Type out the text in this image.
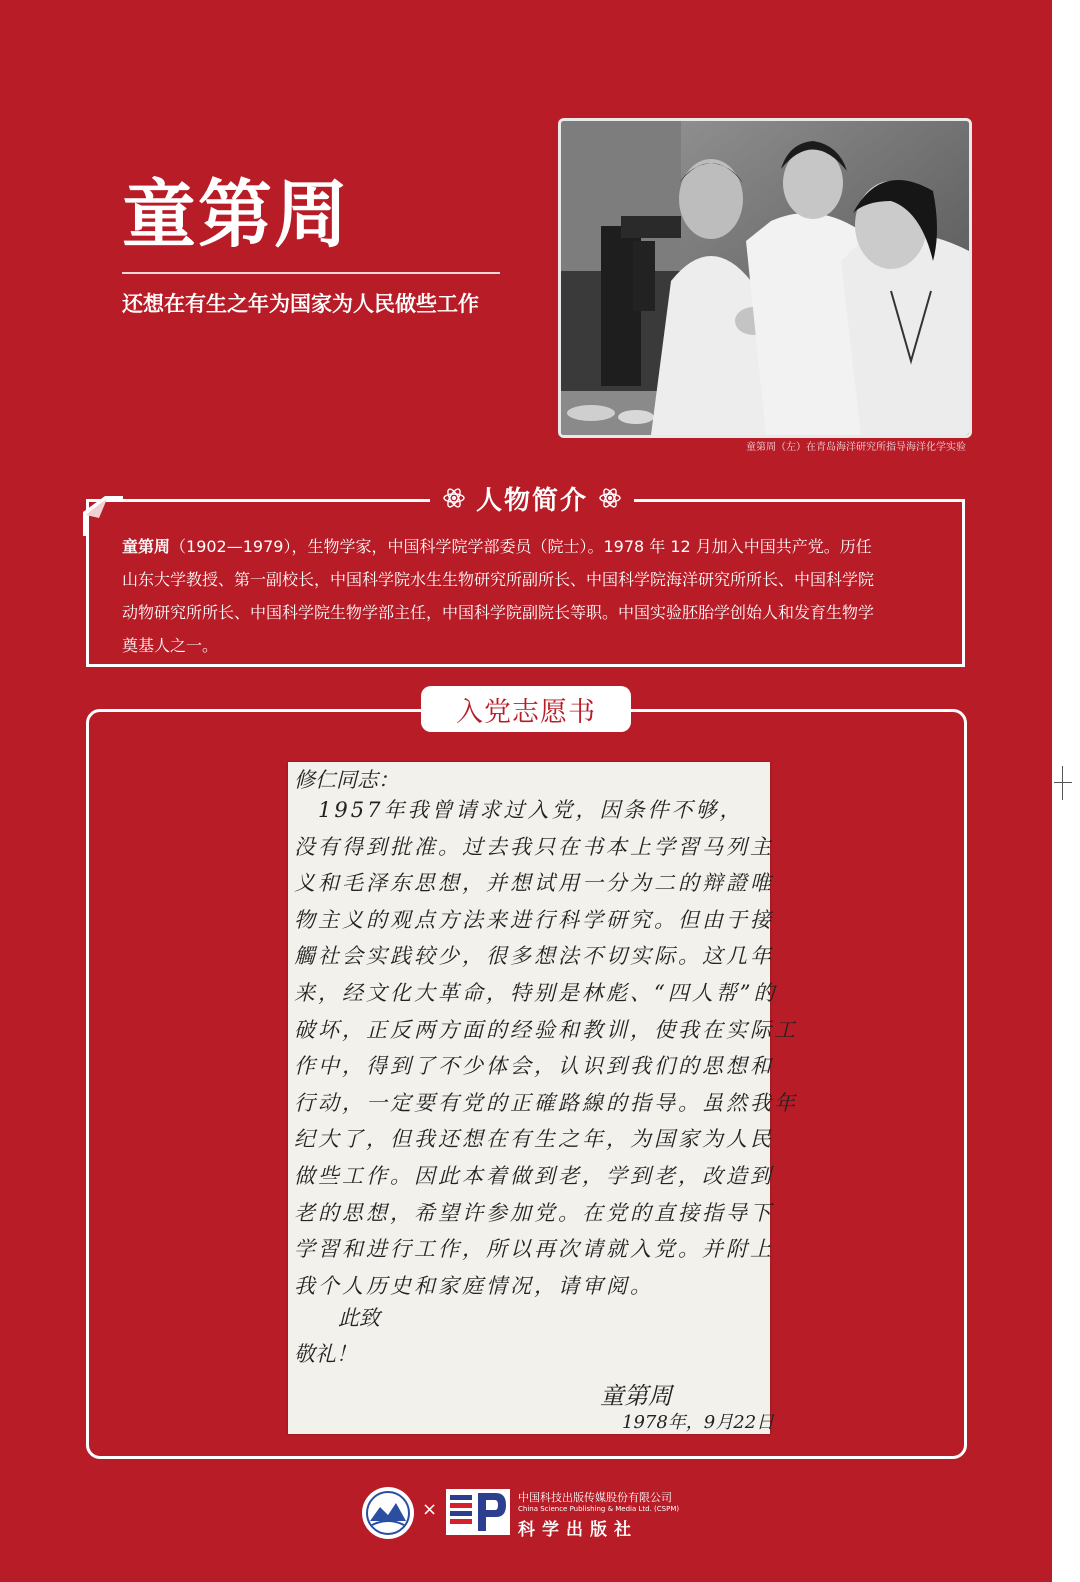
童第周
还想在有生之年为国家为人民做些工作
童第周（左）在青岛海洋研究所指导海洋化学实验
人物简介
童第周（1902—1979），生物学家，中国科学院学部委员（院士）。1978 年 12 月加入中国共产党。历任
山东大学教授、第一副校长，中国科学院水生生物研究所副所长、中国科学院海洋研究所所长、中国科学院
动物研究所所长、中国科学院生物学部主任，中国科学院副院长等职。中国实验胚胎学创始人和发育生物学
奠基人之一。
入党志愿书
修仁同志：
　1957年我曾请求过入党，因条件不够，
没有得到批准。过去我只在书本上学習马列主
义和毛泽东思想，并想试用一分为二的辩證唯
物主义的观点方法来进行科学研究。但由于接
觸社会实践较少，很多想法不切实际。这几年
来，经文化大革命，特别是林彪、“四人帮”的
破坏，正反两方面的经验和教训，使我在实际工
作中，得到了不少体会，认识到我们的思想和
行动，一定要有党的正確路線的指导。虽然我年
纪大了，但我还想在有生之年，为国家为人民
做些工作。因此本着做到老，学到老，改造到
老的思想，希望许参加党。在党的直接指导下
学習和进行工作，所以再次请就入党。并附上
我个人历史和家庭情况，请审阅。
此致
敬礼！
童第周
1978年，9月22日
×
中国科技出版传媒股份有限公司
China Science Publishing & Media Ltd. (CSPM)
科学出版社
